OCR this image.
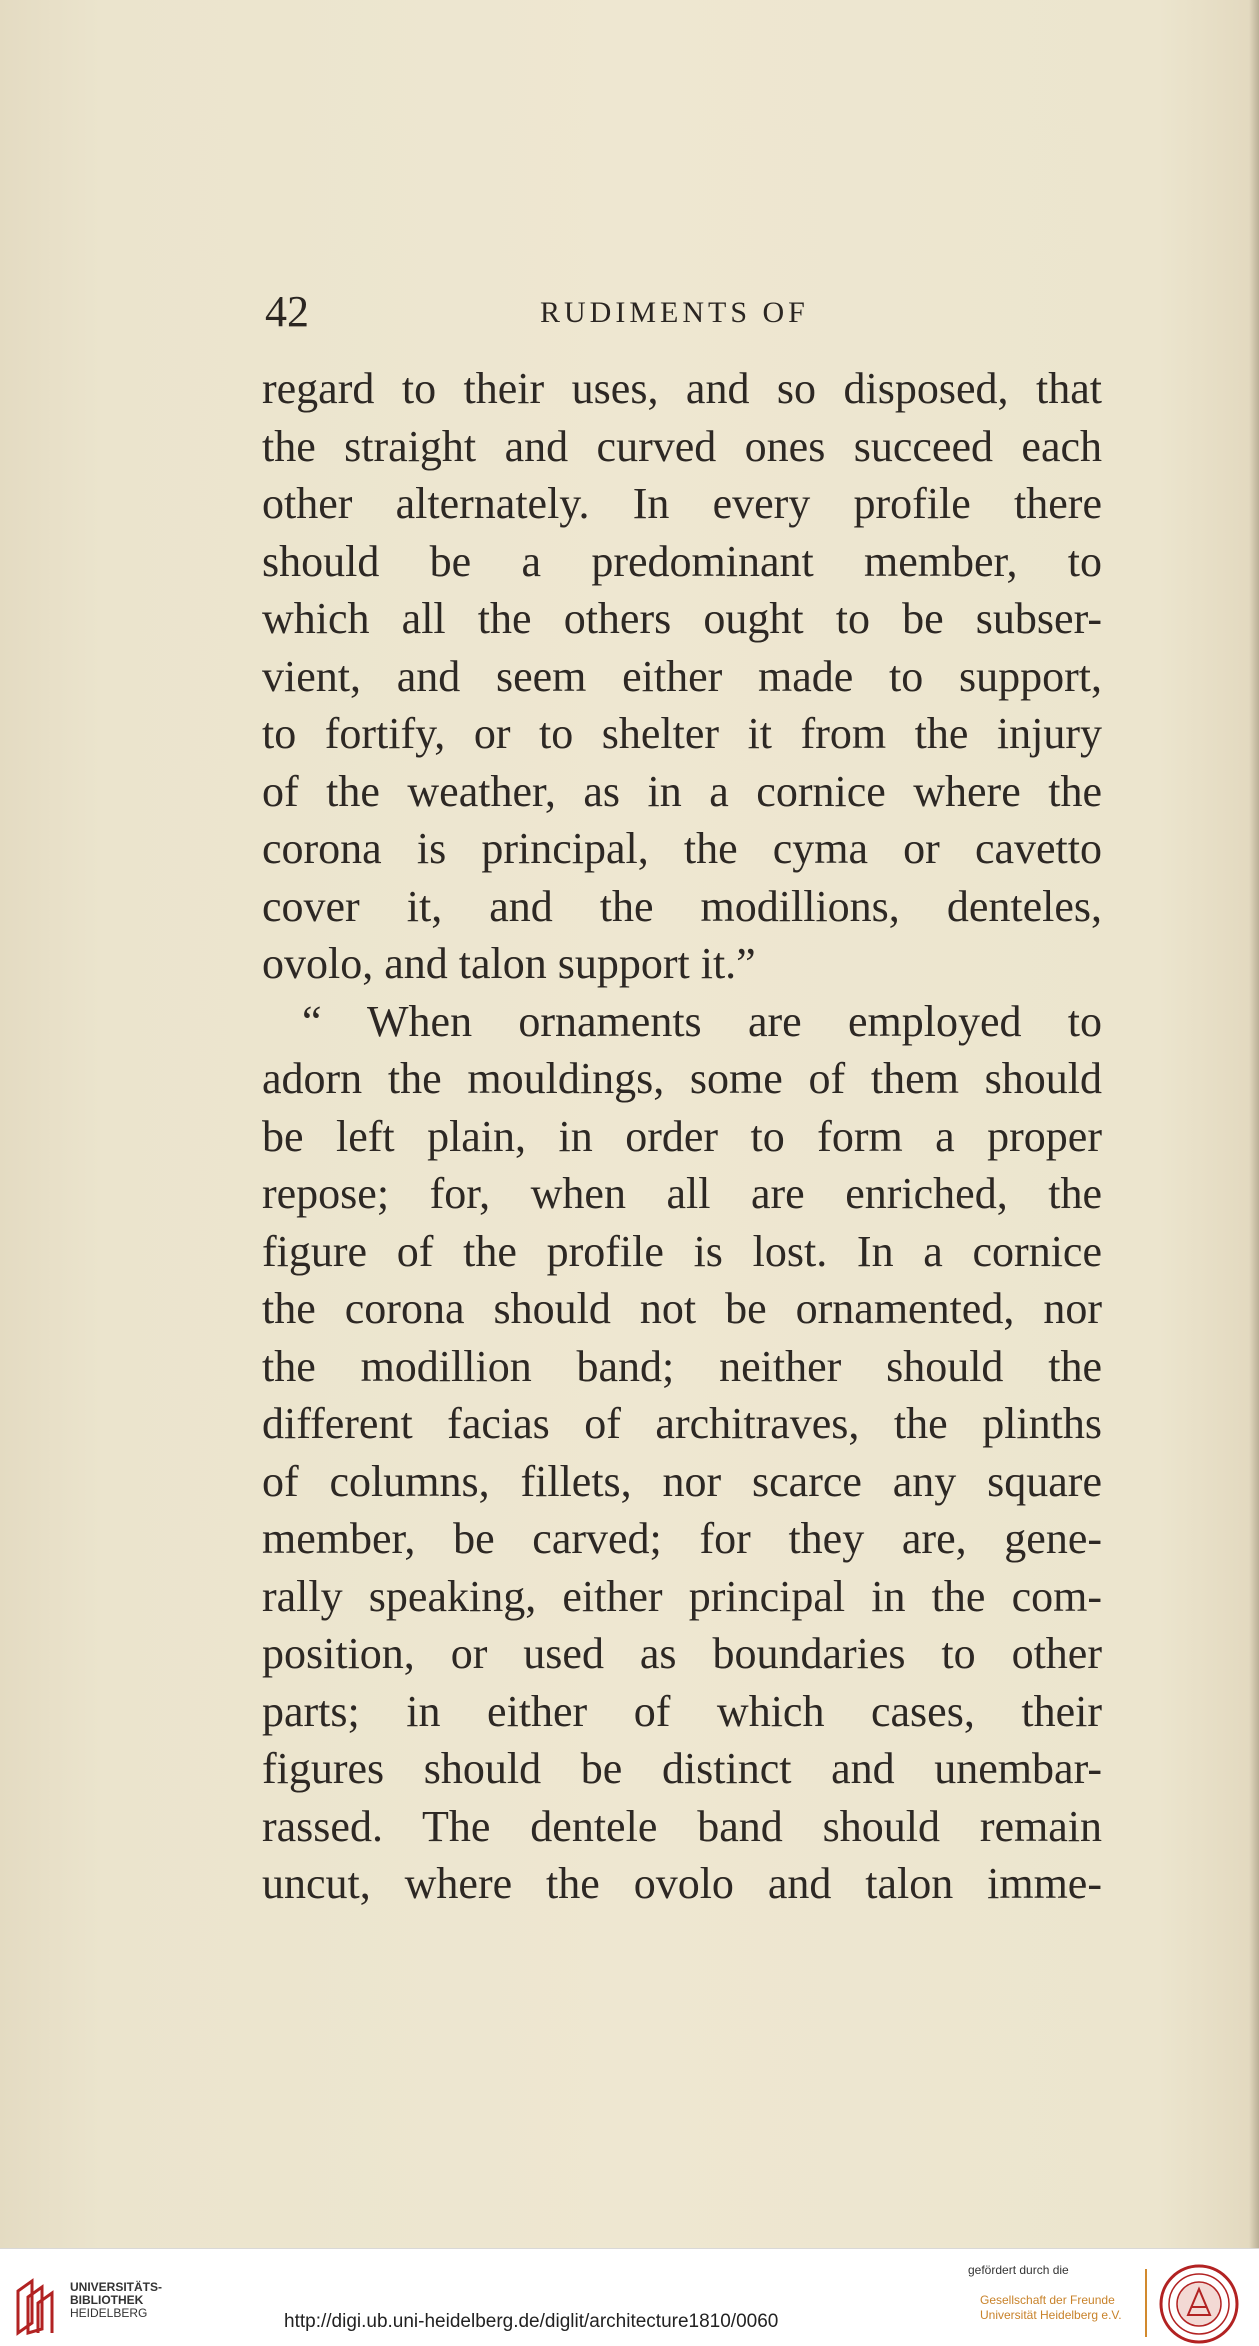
42	RUDIMENTS OF
regard to their uses, and so disposed, that
the straight and curved ones succeed each
other alternately. In every profile there
should be a predominant member, to
which all the others ought to be subser-
vient, and seem either made to support,
to fortify, or to shelter it from the injury
of the weather, as in a cornice where the
corona is principal, the cyma or cavetto
cover it, and the modillions, denteles,
ovolo, and talon support it.”
“ When ornaments are employed to
adorn the mouldings, some of them should
be left plain, in order to form a proper
repose; for, when all are enriched, the
figure of the profile is lost. In a cornice
the corona should not be ornamented, nor
the modillion band; neither should the
different facias of architraves, the plinths
of columns, fillets, nor scarce any square
member, be carved; for they are, gene-
rally speaking, either principal in the com-
position, or used as boundaries to other
parts; in either of which cases, their
figures should be distinct and unembar-
rassed. The dentele band should remain
uncut, where the ovolo and talon imme-
UNIVERSITÄTS-
BIBLIOTHEK
HEIDELBERG	http://digi.ub.uni-heidelberg.de/diglit/architecture1810/0060
gefördert durch die
Gesellschaft der Freunde
Universität Heidelberg e.V.
